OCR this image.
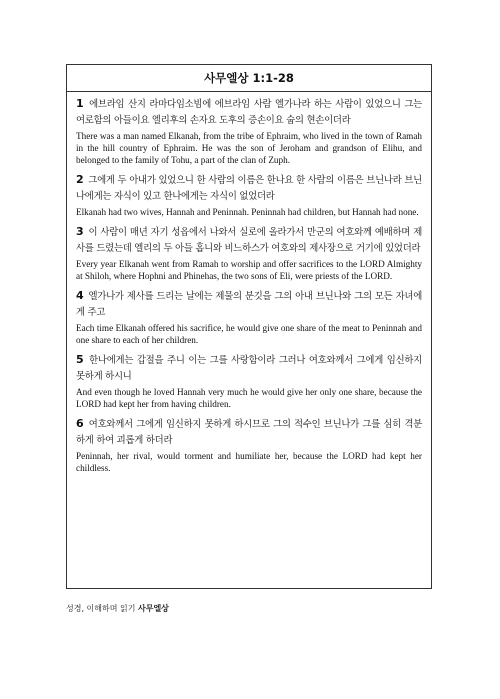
사무엘상 1:1-28
1 에브라임 산지 라마다임소빔에 에브라임 사람 엘가나라 하는 사람이 있었으니 그는 여로함의 아들이요 엘리후의 손자요 도후의 증손이요 숩의 현손이더라
There was a man named Elkanah, from the tribe of Ephraim, who lived in the town of Ramah in the hill country of Ephraim. He was the son of Jeroham and grandson of Elihu, and belonged to the family of Tohu, a part of the clan of Zuph.
2 그에게 두 아내가 있었으니 한 사람의 이름은 한나요 한 사람의 이름은 브닌나라 브닌나에게는 자식이 있고 한나에게는 자식이 없었더라
Elkanah had two wives, Hannah and Peninnah. Peninnah had children, but Hannah had none.
3 이 사람이 매년 자기 성읍에서 나와서 실로에 올라가서 만군의 여호와께 예배하며 제사를 드렸는데 엘리의 두 아들 홉니와 비느하스가 여호와의 제사장으로 거기에 있었더라
Every year Elkanah went from Ramah to worship and offer sacrifices to the LORD Almighty at Shiloh, where Hophni and Phinehas, the two sons of Eli, were priests of the LORD.
4 엘가나가 제사를 드리는 날에는 제물의 분깃을 그의 아내 브닌나와 그의 모든 자녀에게 주고
Each time Elkanah offered his sacrifice, he would give one share of the meat to Peninnah and one share to each of her children.
5 한나에게는 갑절을 주니 이는 그를 사랑함이라 그러나 여호와께서 그에게 임신하지 못하게 하시니
And even though he loved Hannah very much he would give her only one share, because the LORD had kept her from having children.
6 여호와께서 그에게 임신하지 못하게 하시므로 그의 적수인 브닌나가 그를 심히 격분하게 하여 괴롭게 하더라
Peninnah, her rival, would torment and humiliate her, because the LORD had kept her childless.
성경, 이해하며 읽기 사무엘상
